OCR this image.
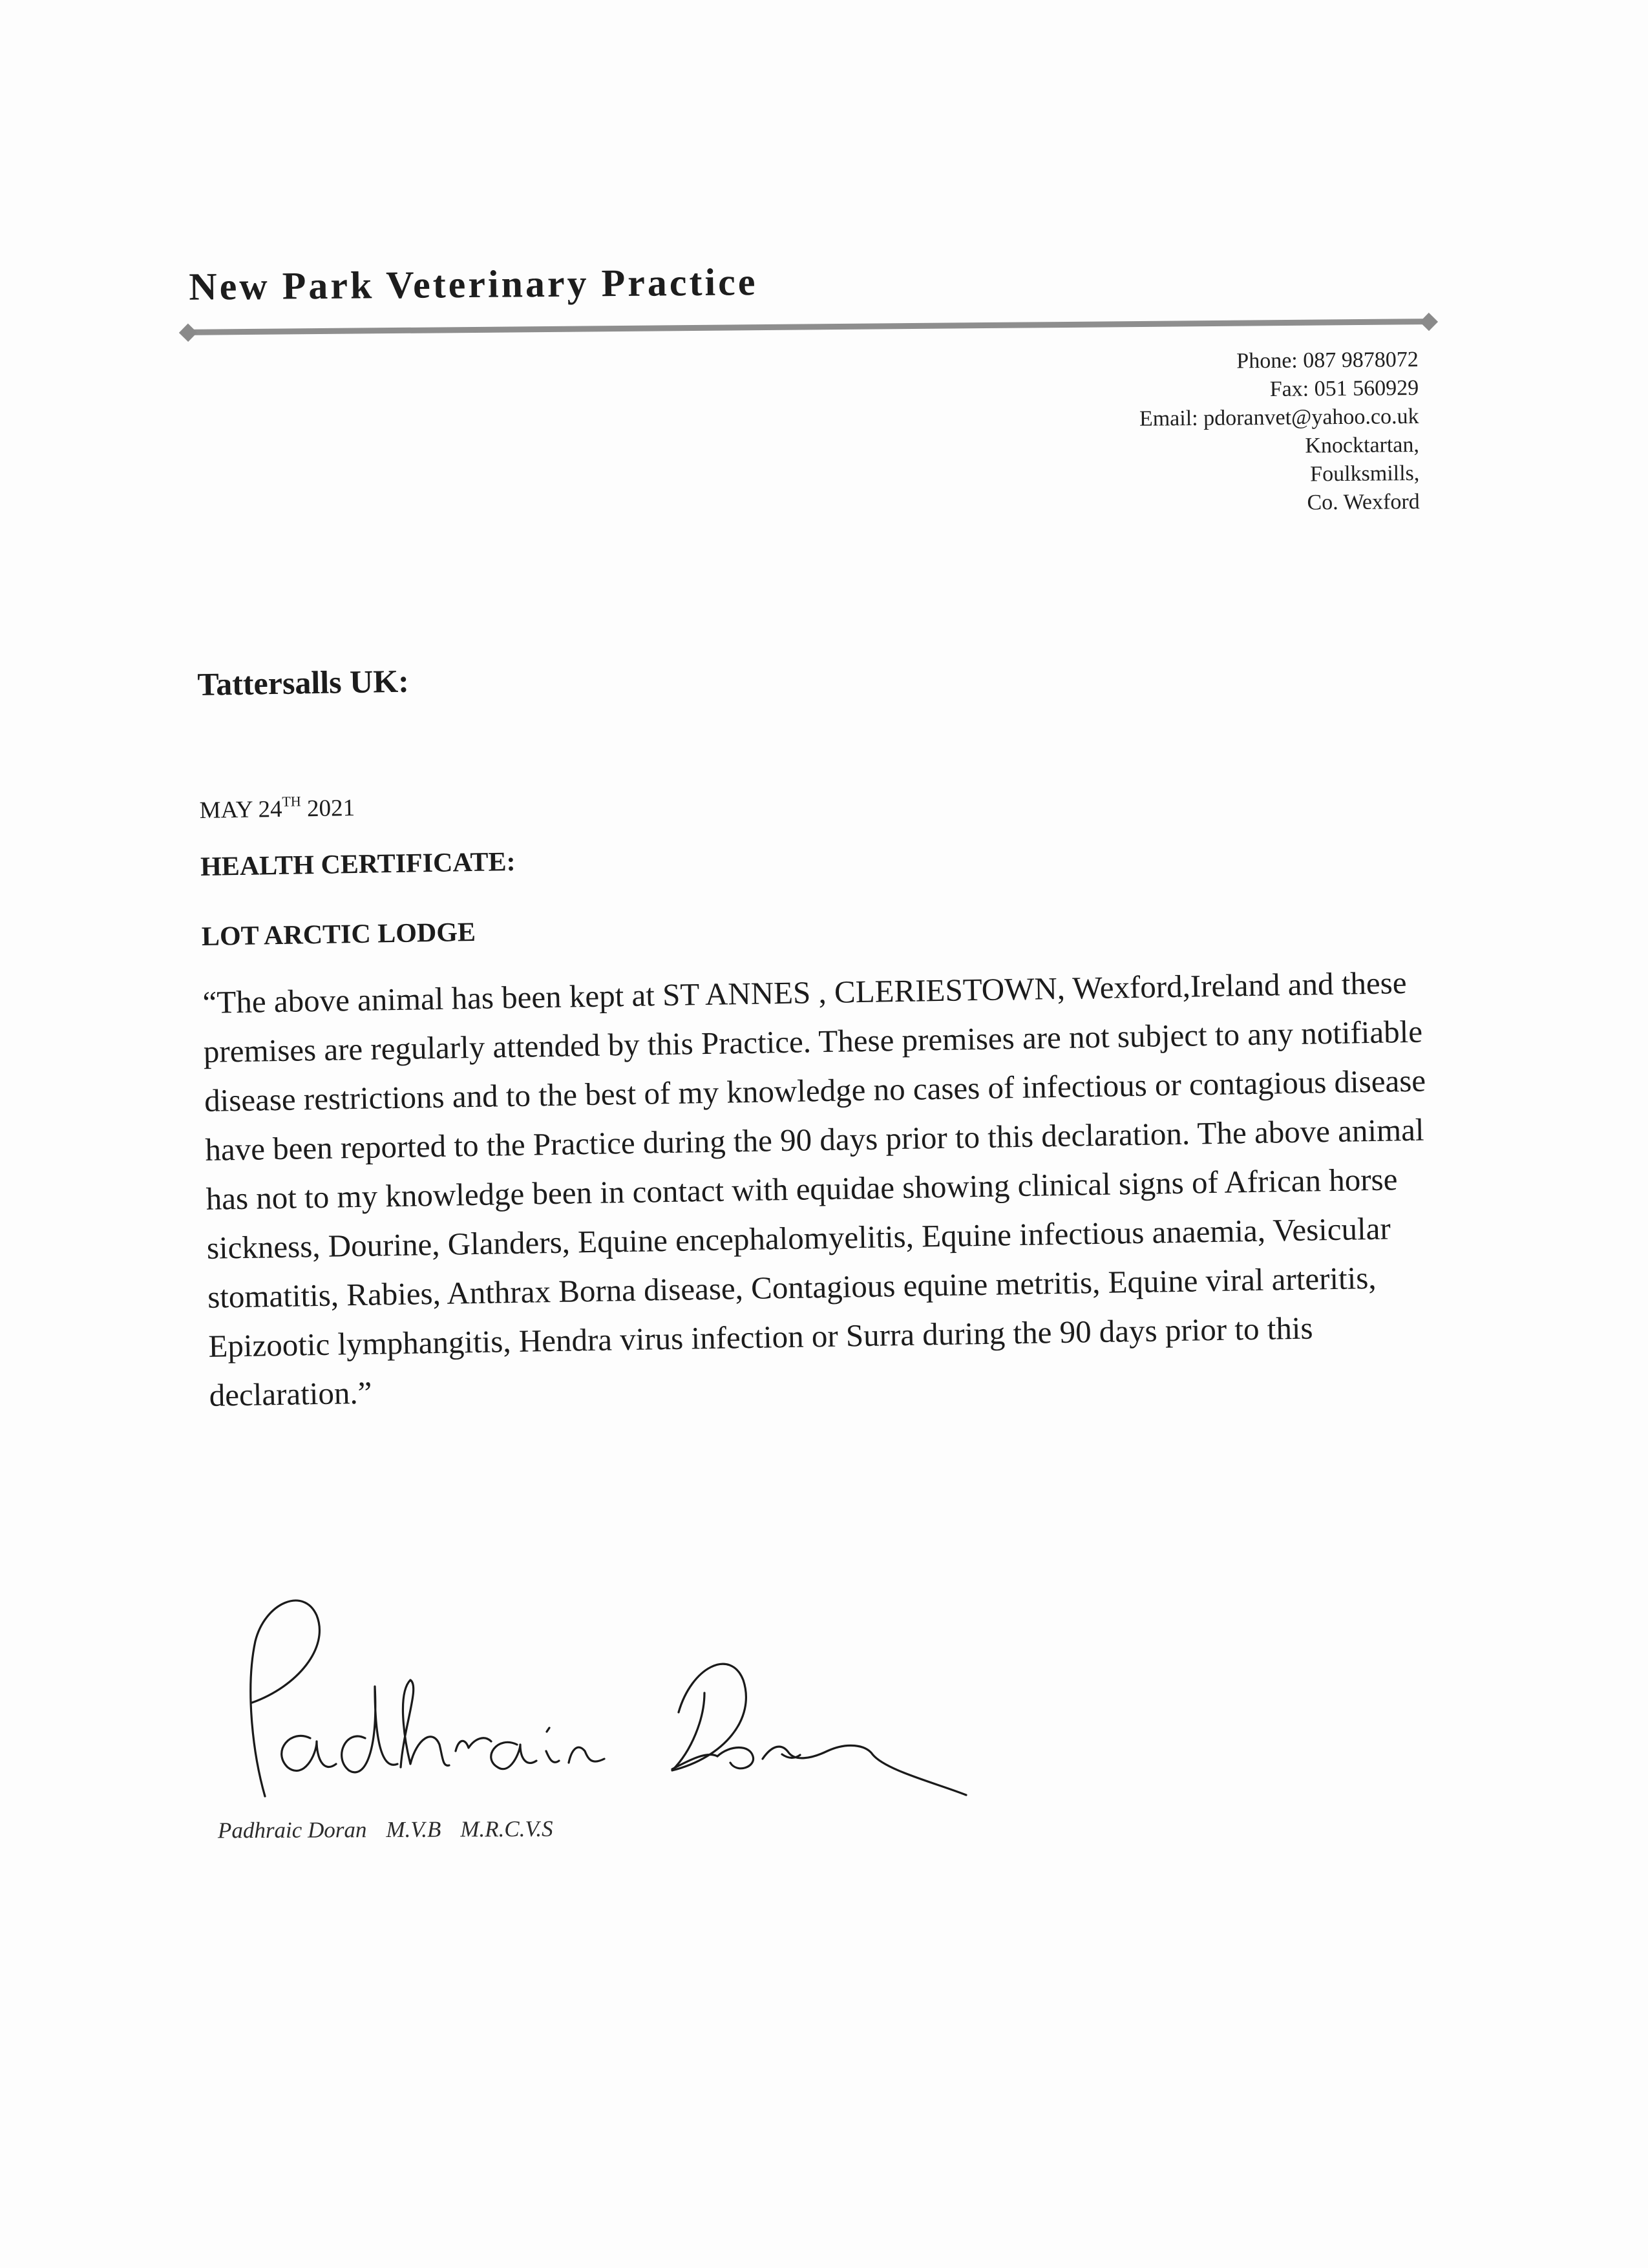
New Park Veterinary Practice
Phone: 087 9878072
Fax: 051 560929
Email: pdoranvet@yahoo.co.uk
Knocktartan,
Foulksmills,
Co. Wexford
Tattersalls UK:
MAY 24TH 2021
HEALTH CERTIFICATE:
LOT ARCTIC LODGE
“The above animal has been kept at ST ANNES , CLERIESTOWN, Wexford,Ireland and these premises are regularly attended by this Practice. These premises are not subject to any notifiable disease restrictions and to the best of my knowledge no cases of infectious or contagious disease have been reported to the Practice during the 90 days prior to this declaration. The above animal has not to my knowledge been in contact with equidae showing clinical signs of African horse sickness, Dourine, Glanders, Equine encephalomyelitis, Equine infectious anaemia, Vesicular stomatitis, Rabies, Anthrax Borna disease, Contagious equine metritis, Equine viral arteritis, Epizootic lymphangitis, Hendra virus infection or Surra during the 90 days prior to this declaration.”
Padhraic Doran M.V.B M.R.C.V.S
